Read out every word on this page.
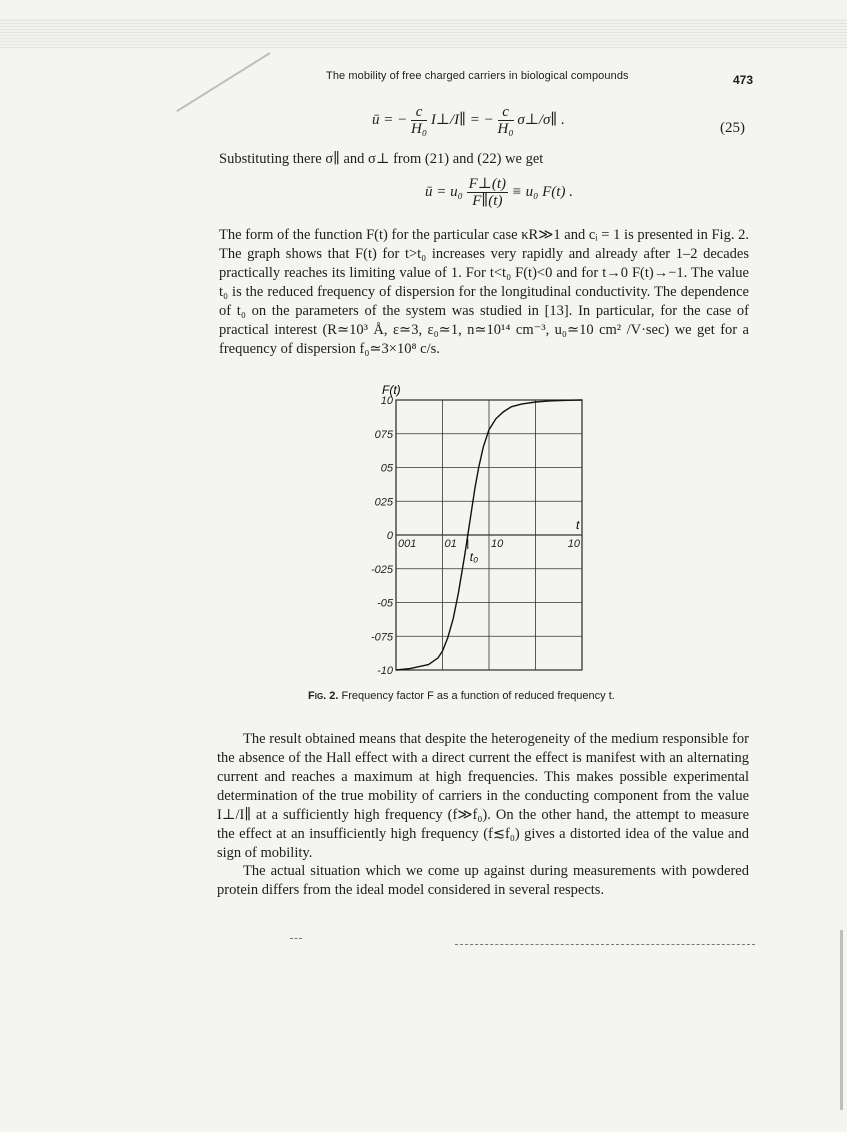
The mobility of free charged carriers in biological compounds	473
ū = − $\frac{c}{\text{H₀}}$ I⊥/I∥ = − $\frac{c}{\text{H₀}}$ σ⊥/σ∥ .
(25)
Substituting there σ∥ and σ⊥ from (21) and (22) we get
ū = $u_0 \frac{F\perp(t)}{F\parallel(t)} \equiv u_0$ F(t) .
The form of the function F(t) for the particular case κR≫1 and cᵢ = 1 is presented in Fig. 2. The graph shows that F(t) for t>t₀ increases very rapidly and already after 1–2 decades practically reaches its limiting value of 1. For t<t₀ F(t)<0 and for t→0 F(t)→−1. The value t₀ is the reduced frequency of dispersion for the longitudinal conductivity. The dependence of t₀ on the parameters of the system was studied in [13]. In particular, for the case of practical interest (R≃10³ Å, ε≃3, ε₀≃1, n≃10¹⁴ cm⁻³, u₀≃10 cm² /V·sec) we get for a frequency of dispersion f₀≃3×10⁸ c/s.
10
075
05
025
0
-025
-05
-075
-10
001	01	10	10
F(t)
t
t₀
Fig. 2. Frequency factor F as a function of reduced frequency t.
The result obtained means that despite the heterogeneity of the medium responsible for the absence of the Hall effect with a direct current the effect is manifest with an alternating current and reaches a maximum at high frequencies. This makes possible experimental determination of the true mobility of carriers in the conducting component from the value I⊥/I∥ at a sufficiently high frequency (f≫f₀). On the other hand, the attempt to measure the effect at an insufficiently high frequency (f≲f₀) gives a distorted idea of the value and sign of mobility.
The actual situation which we come up against during measurements with powdered protein differs from the ideal model considered in several respects.
